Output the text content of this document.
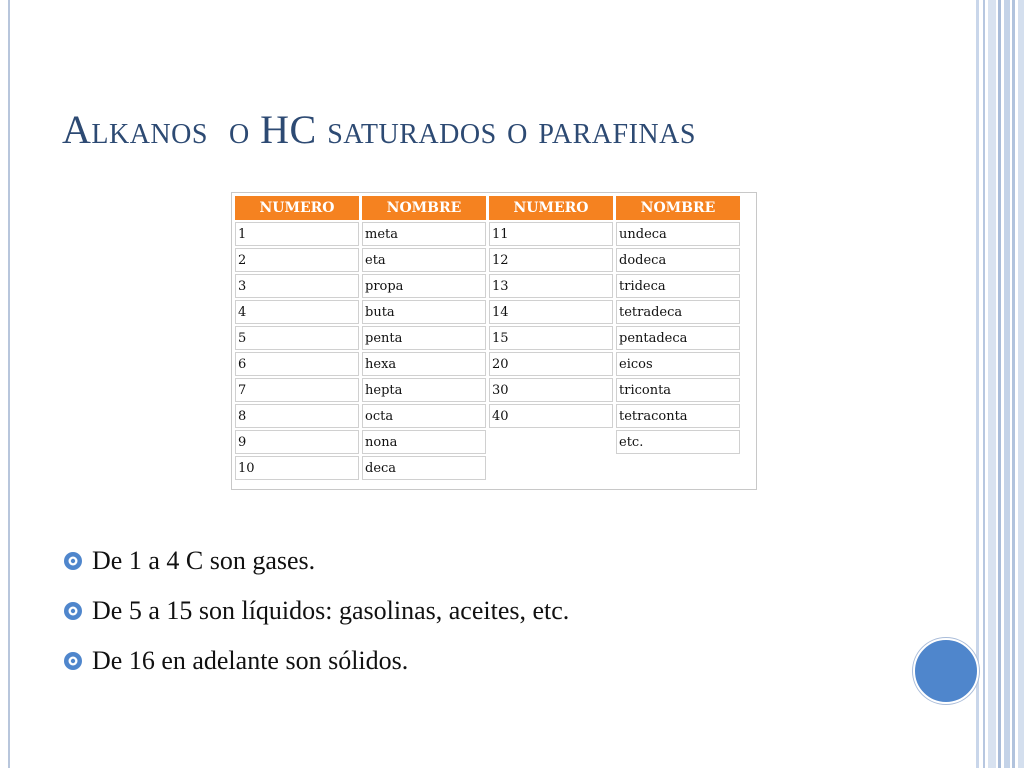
Alkanos  o HC saturados o parafinas
NUMERO	NOMBRE	NUMERO	NOMBRE
1	meta	11	undeca
2	eta	12	dodeca
3	propa	13	trideca
4	buta	14	tetradeca
5	penta	15	pentadeca
6	hexa	20	eicos
7	hepta	30	triconta
8	octa	40	tetraconta
9	nona		etc.
10	deca		
De 1 a 4 C son gases.
De 5 a 15 son líquidos: gasolinas, aceites, etc.
De 16 en adelante son sólidos.
